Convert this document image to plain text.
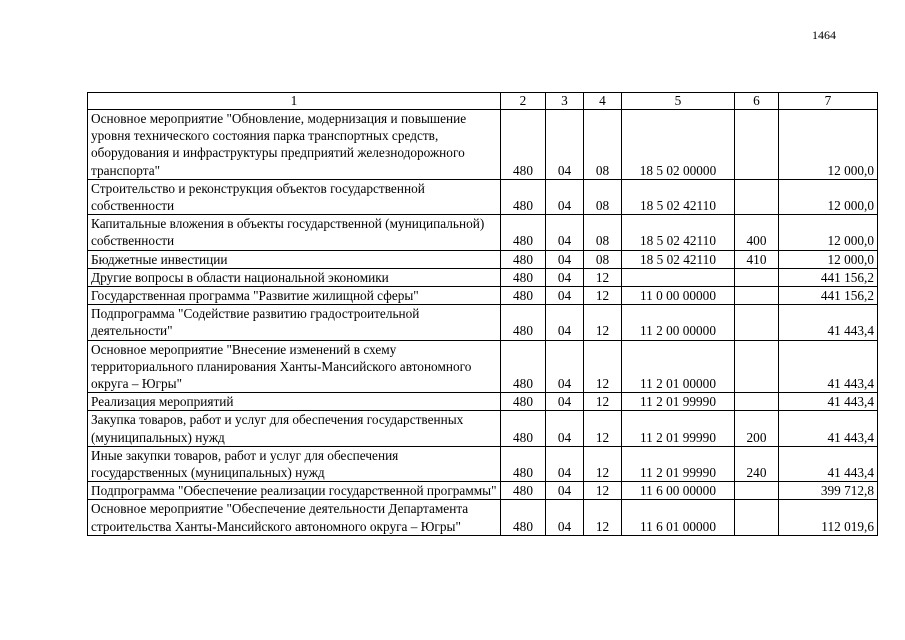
1464
1	2	3	4	5	6	7
Основное мероприятие "Обновление, модернизация и повышение уровня технического состояния парка транспортных средств, оборудования и инфраструктуры предприятий железнодорожного транспорта"	480	04	08	18 5 02 00000		12 000,0
Строительство и реконструкция объектов государственной собственности	480	04	08	18 5 02 42110		12 000,0
Капитальные вложения в объекты государственной (муниципальной) собственности	480	04	08	18 5 02 42110	400	12 000,0
Бюджетные инвестиции	480	04	08	18 5 02 42110	410	12 000,0
Другие вопросы в области национальной экономики	480	04	12			441 156,2
Государственная программа "Развитие жилищной сферы"	480	04	12	11 0 00 00000		441 156,2
Подпрограмма "Содействие развитию градостроительной деятельности"	480	04	12	11 2 00 00000		41 443,4
Основное мероприятие "Внесение изменений в схему территориального планирования Ханты-Мансийского автономного округа – Югры"	480	04	12	11 2 01 00000		41 443,4
Реализация мероприятий	480	04	12	11 2 01 99990		41 443,4
Закупка товаров, работ и услуг для обеспечения государственных (муниципальных) нужд	480	04	12	11 2 01 99990	200	41 443,4
Иные закупки товаров, работ и услуг для обеспечения государственных (муниципальных) нужд	480	04	12	11 2 01 99990	240	41 443,4
Подпрограмма "Обеспечение реализации государственной программы"	480	04	12	11 6 00 00000		399 712,8
Основное мероприятие "Обеспечение деятельности Департамента строительства Ханты-Мансийского автономного округа – Югры"	480	04	12	11 6 01 00000		112 019,6
